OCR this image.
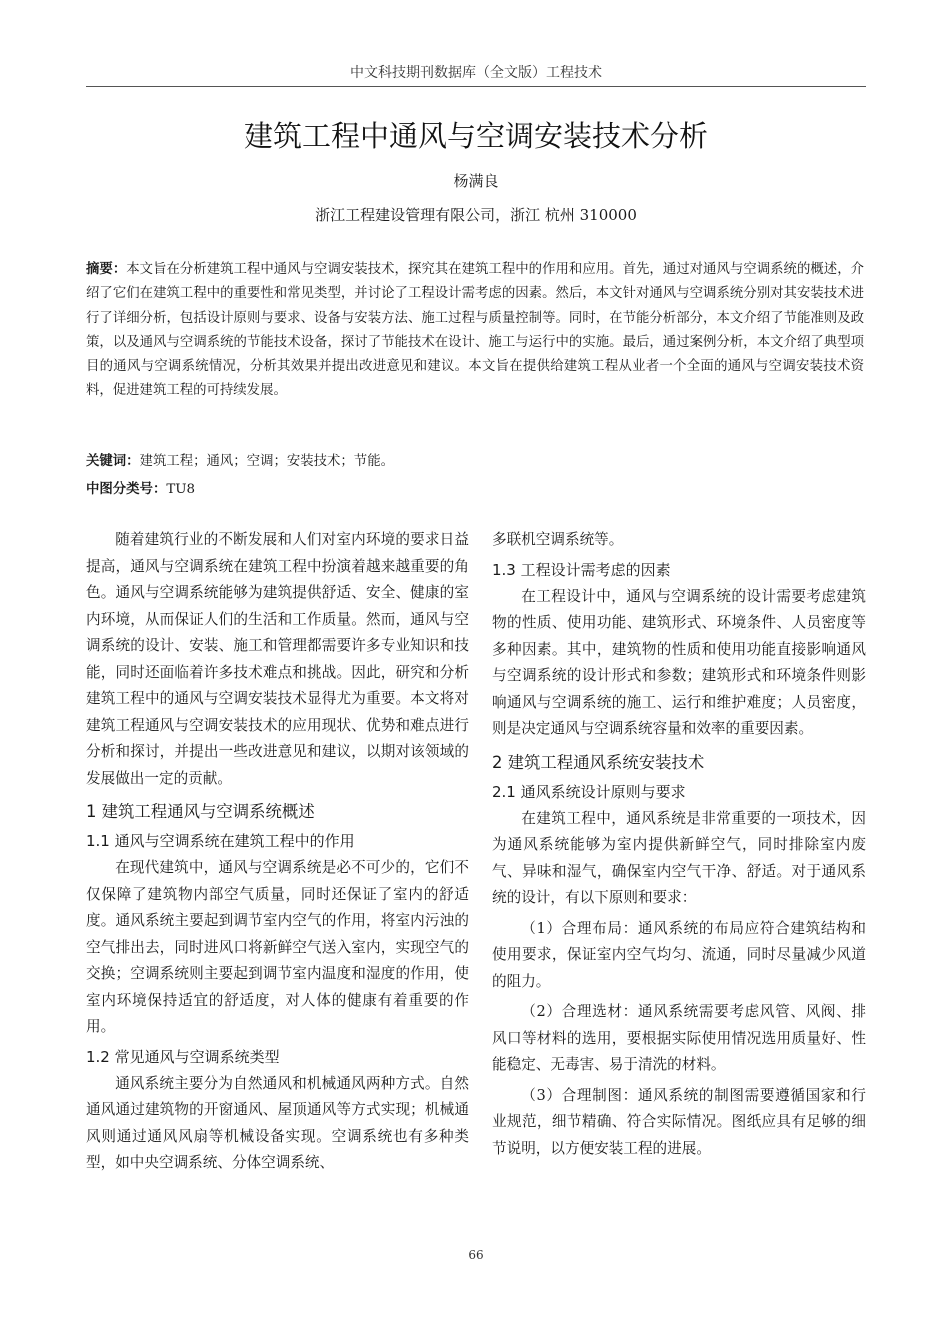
中文科技期刊数据库（全文版）工程技术
建筑工程中通风与空调安装技术分析
杨满良
浙江工程建设管理有限公司，浙江 杭州 310000
摘要：本文旨在分析建筑工程中通风与空调安装技术，探究其在建筑工程中的作用和应用。首先，通过对通风与空调系统的概述，介绍了它们在建筑工程中的重要性和常见类型，并讨论了工程设计需考虑的因素。然后，本文针对通风与空调系统分别对其安装技术进行了详细分析，包括设计原则与要求、设备与安装方法、施工过程与质量控制等。同时，在节能分析部分，本文介绍了节能准则及政策，以及通风与空调系统的节能技术设备，探讨了节能技术在设计、施工与运行中的实施。最后，通过案例分析，本文介绍了典型项目的通风与空调系统情况，分析其效果并提出改进意见和建议。本文旨在提供给建筑工程从业者一个全面的通风与空调安装技术资料，促进建筑工程的可持续发展。
关键词：建筑工程；通风；空调；安装技术；节能。
中图分类号：TU8

随着建筑行业的不断发展和人们对室内环境的要求日益提高，通风与空调系统在建筑工程中扮演着越来越重要的角色。通风与空调系统能够为建筑提供舒适、安全、健康的室内环境，从而保证人们的生活和工作质量。然而，通风与空调系统的设计、安装、施工和管理都需要许多专业知识和技能，同时还面临着许多技术难点和挑战。因此，研究和分析建筑工程中的通风与空调安装技术显得尤为重要。本文将对建筑工程通风与空调安装技术的应用现状、优势和难点进行分析和探讨，并提出一些改进意见和建议，以期对该领域的发展做出一定的贡献。

1 建筑工程通风与空调系统概述
1.1 通风与空调系统在建筑工程中的作用

在现代建筑中，通风与空调系统是必不可少的，它们不仅保障了建筑物内部空气质量，同时还保证了室内的舒适度。通风系统主要起到调节室内空气的作用，将室内污浊的空气排出去，同时进风口将新鲜空气送入室内，实现空气的交换；空调系统则主要起到调节室内温度和湿度的作用，使室内环境保持适宜的舒适度，对人体的健康有着重要的作用。

1.2 常见通风与空调系统类型

通风系统主要分为自然通风和机械通风两种方式。自然通风通过建筑物的开窗通风、屋顶通风等方式实现；机械通风则通过通风风扇等机械设备实现。空调系统也有多种类型，如中央空调系统、分体空调系统、

多联机空调系统等。

1.3 工程设计需考虑的因素

在工程设计中，通风与空调系统的设计需要考虑建筑物的性质、使用功能、建筑形式、环境条件、人员密度等多种因素。其中，建筑物的性质和使用功能直接影响通风与空调系统的设计形式和参数；建筑形式和环境条件则影响通风与空调系统的施工、运行和维护难度；人员密度，则是决定通风与空调系统容量和效率的重要因素。

2 建筑工程通风系统安装技术
2.1 通风系统设计原则与要求

在建筑工程中，通风系统是非常重要的一项技术，因为通风系统能够为室内提供新鲜空气，同时排除室内废气、异味和湿气，确保室内空气干净、舒适。对于通风系统的设计，有以下原则和要求：

（1）合理布局：通风系统的布局应符合建筑结构和使用要求，保证室内空气均匀、流通，同时尽量减少风道的阻力。

（2）合理选材：通风系统需要考虑风管、风阀、排风口等材料的选用，要根据实际使用情况选用质量好、性能稳定、无毒害、易于清洗的材料。

（3）合理制图：通风系统的制图需要遵循国家和行业规范，细节精确、符合实际情况。图纸应具有足够的细节说明，以方便安装工程的进展。

66
